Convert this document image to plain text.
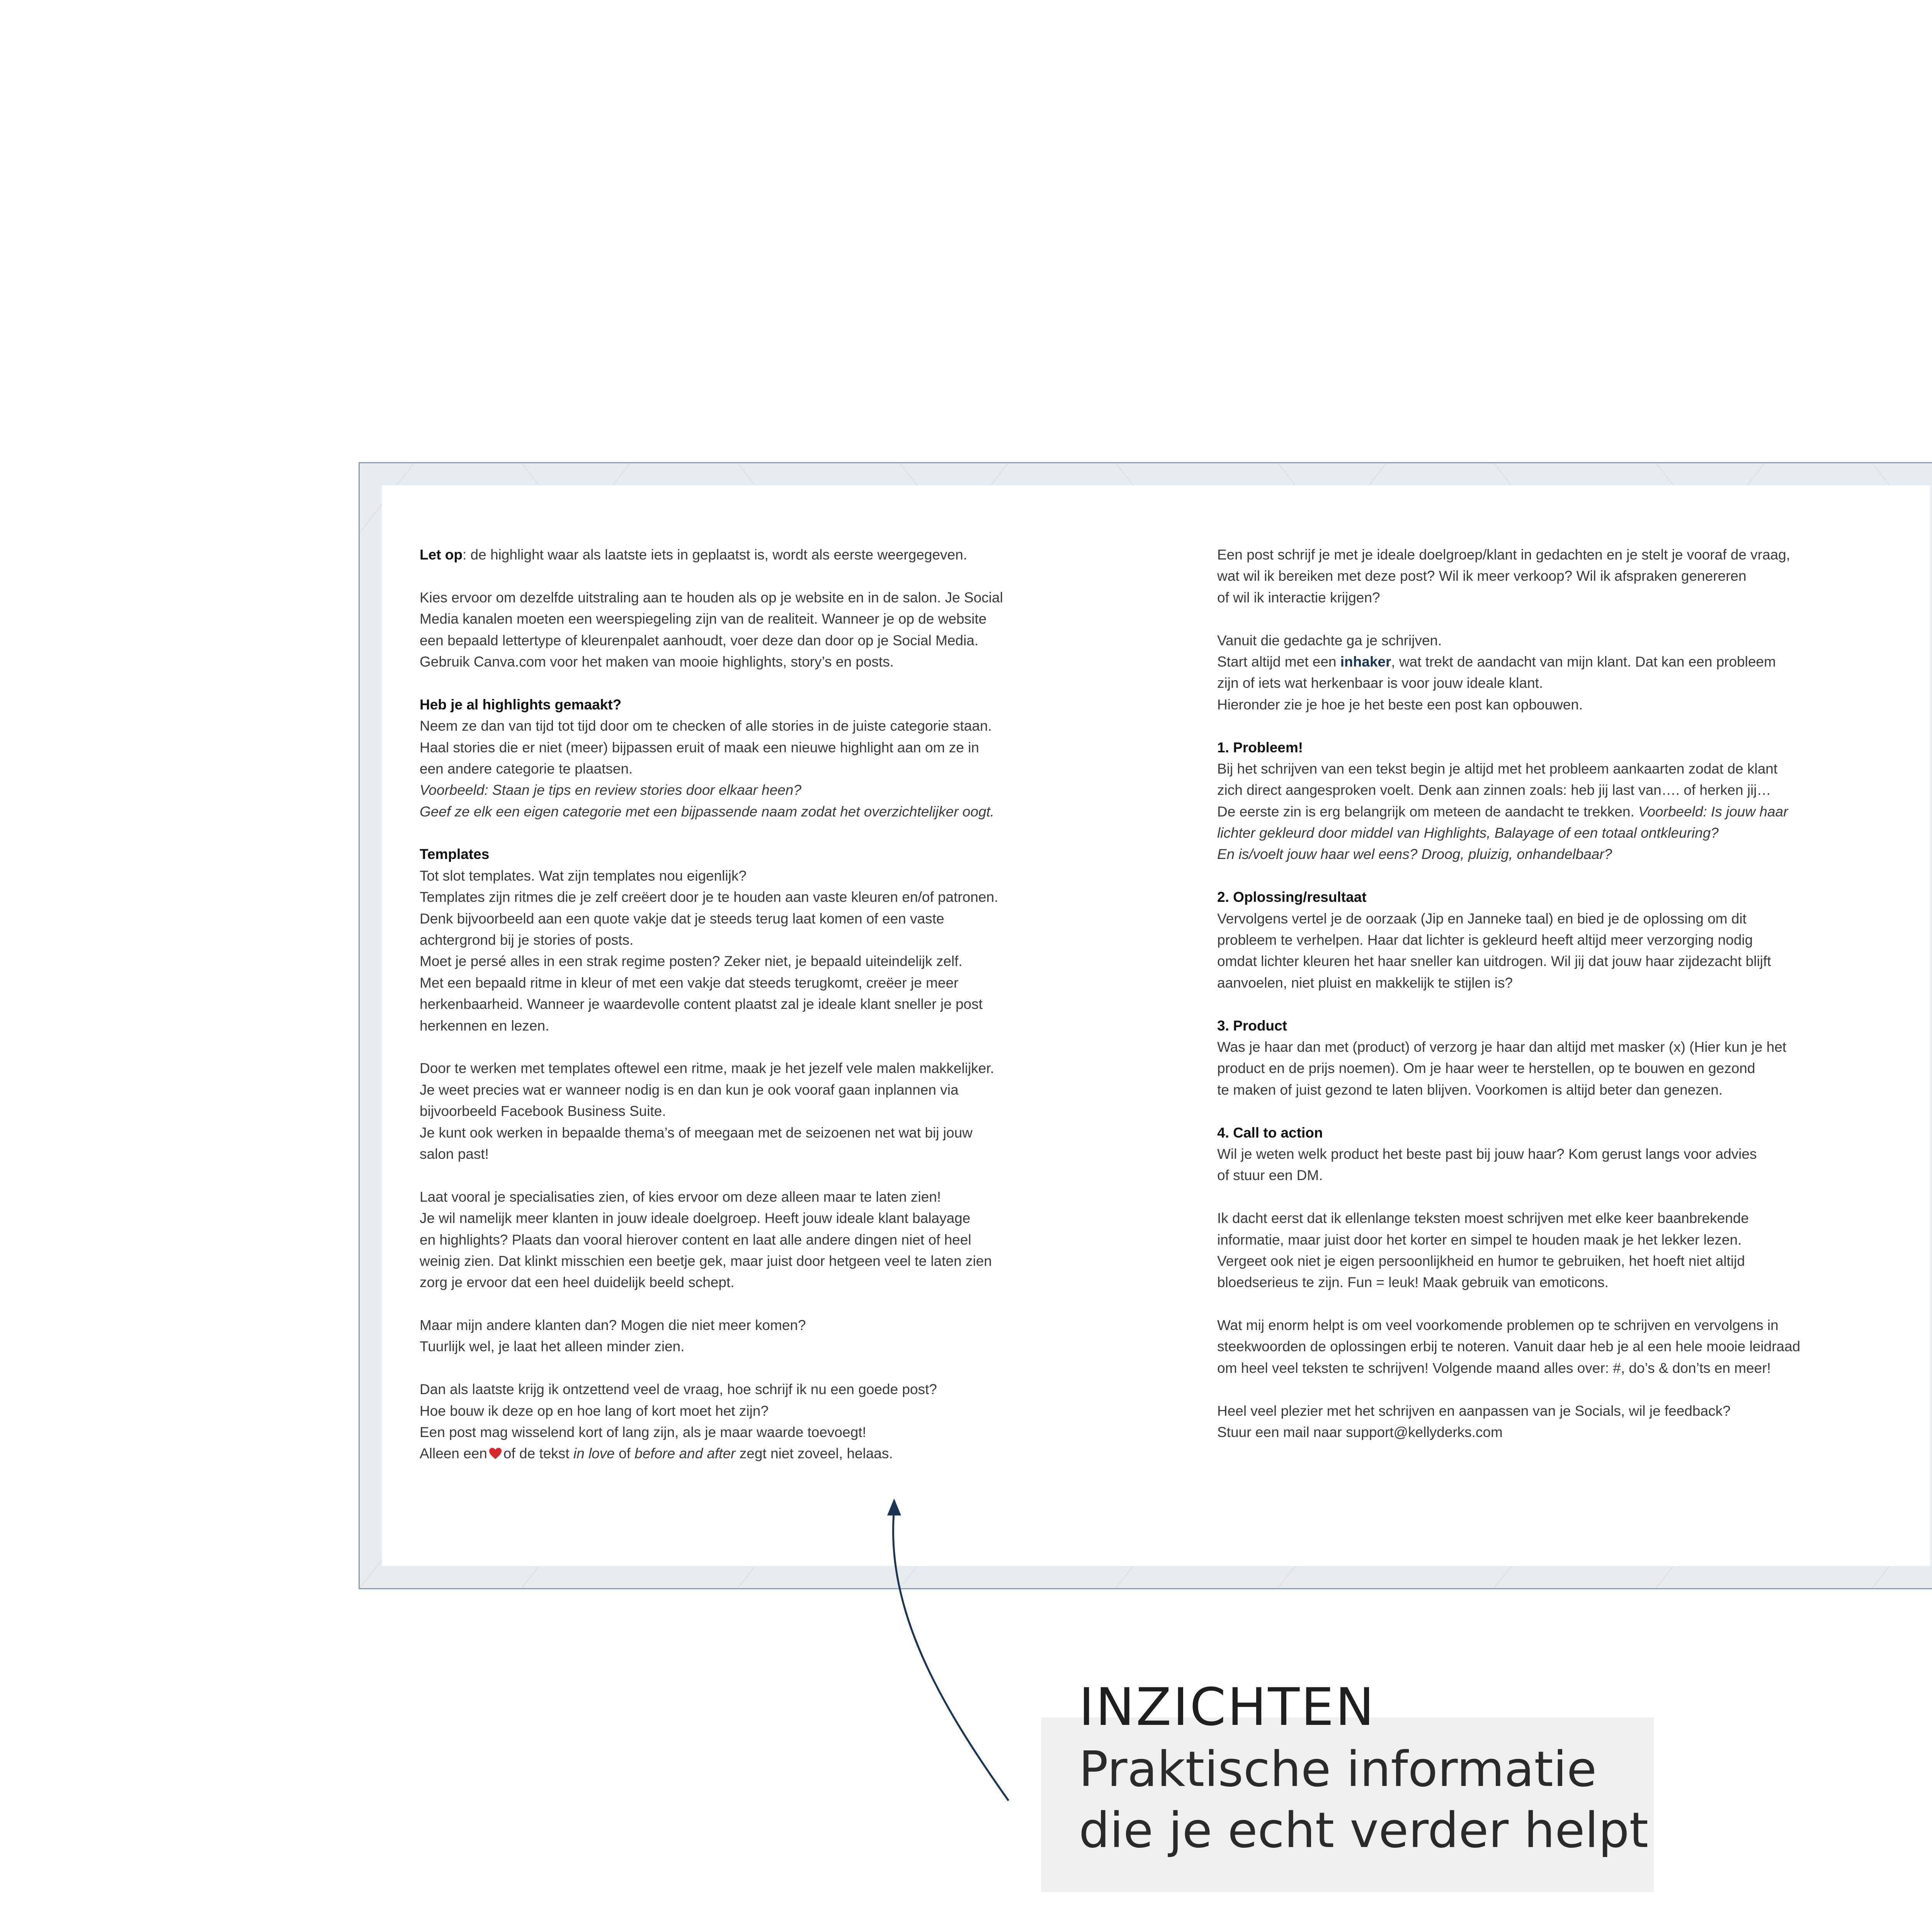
Let op: de highlight waar als laatste iets in geplaatst is, wordt als eerste weergegeven.
Kies ervoor om dezelfde uitstraling aan te houden als op je website en in de salon. Je Social
Media kanalen moeten een weerspiegeling zijn van de realiteit. Wanneer je op de website
een bepaald lettertype of kleurenpalet aanhoudt, voer deze dan door op je Social Media.
Gebruik Canva.com voor het maken van mooie highlights, story’s en posts.
Heb je al highlights gemaakt?
Neem ze dan van tijd tot tijd door om te checken of alle stories in de juiste categorie staan.
Haal stories die er niet (meer) bijpassen eruit of maak een nieuwe highlight aan om ze in
een andere categorie te plaatsen.
Voorbeeld: Staan je tips en review stories door elkaar heen?
Geef ze elk een eigen categorie met een bijpassende naam zodat het overzichtelijker oogt.
Templates
Tot slot templates. Wat zijn templates nou eigenlijk?
Templates zijn ritmes die je zelf creëert door je te houden aan vaste kleuren en/of patronen.
Denk bijvoorbeeld aan een quote vakje dat je steeds terug laat komen of een vaste
achtergrond bij je stories of posts.
Moet je persé alles in een strak regime posten? Zeker niet, je bepaald uiteindelijk zelf.
Met een bepaald ritme in kleur of met een vakje dat steeds terugkomt, creëer je meer
herkenbaarheid. Wanneer je waardevolle content plaatst zal je ideale klant sneller je post
herkennen en lezen.
Door te werken met templates oftewel een ritme, maak je het jezelf vele malen makkelijker.
Je weet precies wat er wanneer nodig is en dan kun je ook vooraf gaan inplannen via
bijvoorbeeld Facebook Business Suite.
Je kunt ook werken in bepaalde thema’s of meegaan met de seizoenen net wat bij jouw
salon past!
Laat vooral je specialisaties zien, of kies ervoor om deze alleen maar te laten zien!
Je wil namelijk meer klanten in jouw ideale doelgroep. Heeft jouw ideale klant balayage
en highlights? Plaats dan vooral hierover content en laat alle andere dingen niet of heel
weinig zien. Dat klinkt misschien een beetje gek, maar juist door hetgeen veel te laten zien
zorg je ervoor dat een heel duidelijk beeld schept.
Maar mijn andere klanten dan? Mogen die niet meer komen?
Tuurlijk wel, je laat het alleen minder zien.
Dan als laatste krijg ik ontzettend veel de vraag, hoe schrijf ik nu een goede post?
Hoe bouw ik deze op en hoe lang of kort moet het zijn?
Een post mag wisselend kort of lang zijn, als je maar waarde toevoegt!
Alleen een of de tekst in love of before and after zegt niet zoveel, helaas.
Een post schrijf je met je ideale doelgroep/klant in gedachten en je stelt je vooraf de vraag,
wat wil ik bereiken met deze post? Wil ik meer verkoop? Wil ik afspraken genereren
of wil ik interactie krijgen?
Vanuit die gedachte ga je schrijven.
Start altijd met een inhaker, wat trekt de aandacht van mijn klant. Dat kan een probleem
zijn of iets wat herkenbaar is voor jouw ideale klant.
Hieronder zie je hoe je het beste een post kan opbouwen.
1. Probleem!
Bij het schrijven van een tekst begin je altijd met het probleem aankaarten zodat de klant
zich direct aangesproken voelt. Denk aan zinnen zoals: heb jij last van…. of herken jij…
De eerste zin is erg belangrijk om meteen de aandacht te trekken. Voorbeeld: Is jouw haar
lichter gekleurd door middel van Highlights, Balayage of een totaal ontkleuring?
En is/voelt jouw haar wel eens? Droog, pluizig, onhandelbaar?
2. Oplossing/resultaat
Vervolgens vertel je de oorzaak (Jip en Janneke taal) en bied je de oplossing om dit
probleem te verhelpen. Haar dat lichter is gekleurd heeft altijd meer verzorging nodig
omdat lichter kleuren het haar sneller kan uitdrogen. Wil jij dat jouw haar zijdezacht blijft
aanvoelen, niet pluist en makkelijk te stijlen is?
3. Product
Was je haar dan met (product) of verzorg je haar dan altijd met masker (x) (Hier kun je het
product en de prijs noemen). Om je haar weer te herstellen, op te bouwen en gezond
te maken of juist gezond te laten blijven. Voorkomen is altijd beter dan genezen.
4. Call to action
Wil je weten welk product het beste past bij jouw haar? Kom gerust langs voor advies
of stuur een DM.
Ik dacht eerst dat ik ellenlange teksten moest schrijven met elke keer baanbrekende
informatie, maar juist door het korter en simpel te houden maak je het lekker lezen.
Vergeet ook niet je eigen persoonlijkheid en humor te gebruiken, het hoeft niet altijd
bloedserieus te zijn. Fun = leuk! Maak gebruik van emoticons.
Wat mij enorm helpt is om veel voorkomende problemen op te schrijven en vervolgens in
steekwoorden de oplossingen erbij te noteren. Vanuit daar heb je al een hele mooie leidraad
om heel veel teksten te schrijven! Volgende maand alles over: #, do’s & don’ts en meer!
Heel veel plezier met het schrijven en aanpassen van je Socials, wil je feedback?
Stuur een mail naar support@kellyderks.com
INZICHTEN
Praktische informatie
die je echt verder helpt
